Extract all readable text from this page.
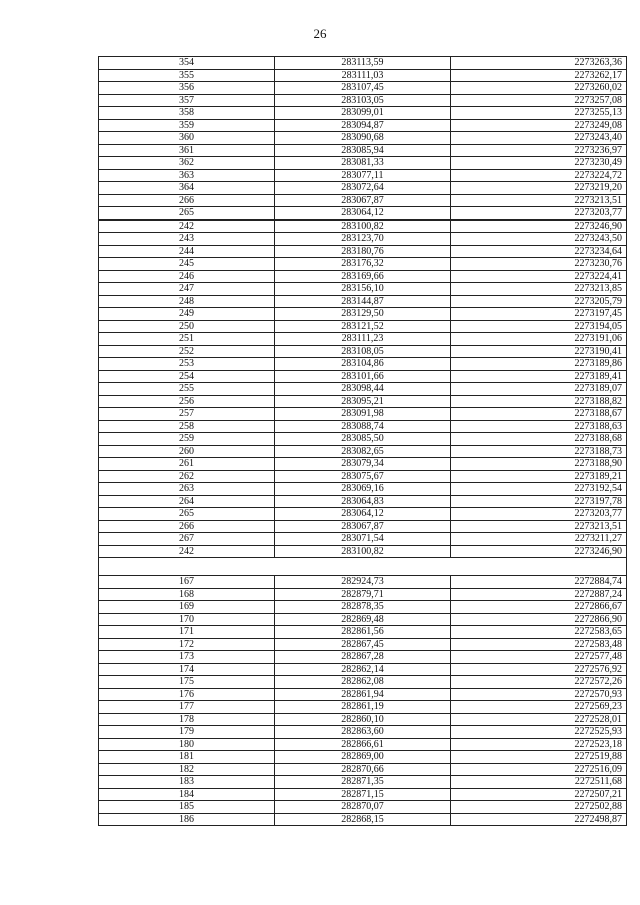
26
354	283113,59	2273263,36
355	283111,03	2273262,17
356	283107,45	2273260,02
357	283103,05	2273257,08
358	283099,01	2273255,13
359	283094,87	2273249,08
360	283090,68	2273243,40
361	283085,94	2273236,97
362	283081,33	2273230,49
363	283077,11	2273224,72
364	283072,64	2273219,20
266	283067,87	2273213,51
265	283064,12	2273203,77
242	283100,82	2273246,90
243	283123,70	2273243,50
244	283180,76	2273234,64
245	283176,32	2273230,76
246	283169,66	2273224,41
247	283156,10	2273213,85
248	283144,87	2273205,79
249	283129,50	2273197,45
250	283121,52	2273194,05
251	283111,23	2273191,06
252	283108,05	2273190,41
253	283104,86	2273189,86
254	283101,66	2273189,41
255	283098,44	2273189,07
256	283095,21	2273188,82
257	283091,98	2273188,67
258	283088,74	2273188,63
259	283085,50	2273188,68
260	283082,65	2273188,73
261	283079,34	2273188,90
262	283075,67	2273189,21
263	283069,16	2273192,54
264	283064,83	2273197,78
265	283064,12	2273203,77
266	283067,87	2273213,51
267	283071,54	2273211,27
242	283100,82	2273246,90

167	282924,73	2272884,74
168	282879,71	2272887,24
169	282878,35	2272866,67
170	282869,48	2272866,90
171	282861,56	2272583,65
172	282867,45	2272583,48
173	282867,28	2272577,48
174	282862,14	2272576,92
175	282862,08	2272572,26
176	282861,94	2272570,93
177	282861,19	2272569,23
178	282860,10	2272528,01
179	282863,60	2272525,93
180	282866,61	2272523,18
181	282869,00	2272519,88
182	282870,66	2272516,09
183	282871,35	2272511,68
184	282871,15	2272507,21
185	282870,07	2272502,88
186	282868,15	2272498,87
